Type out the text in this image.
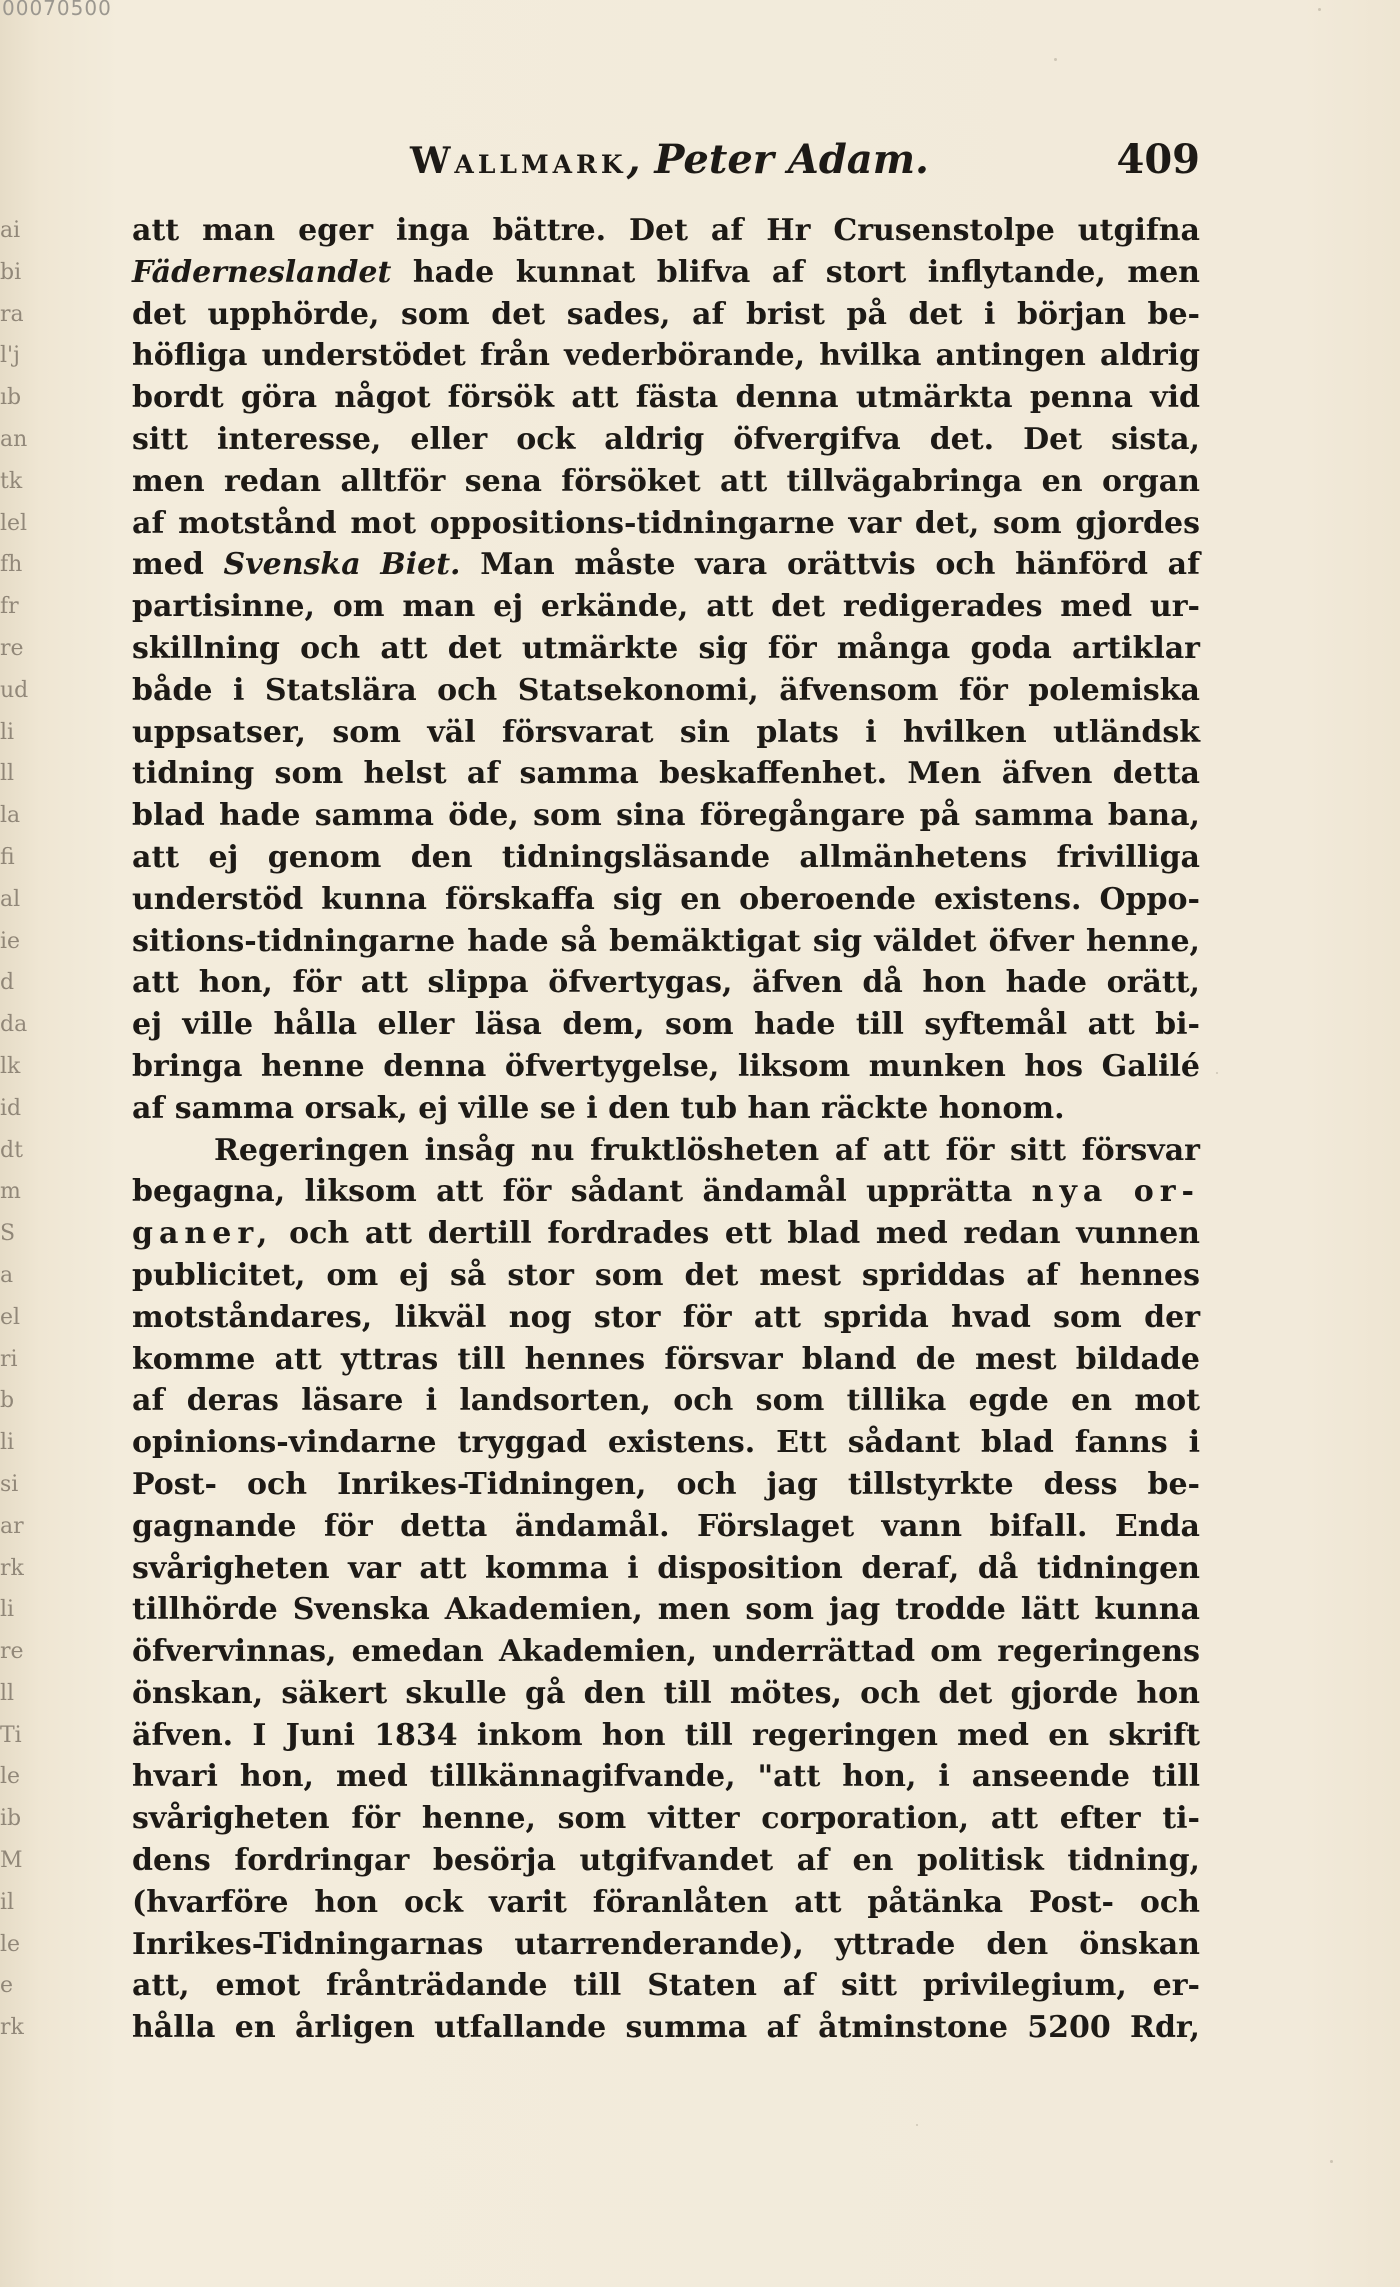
00070500
ai
bi
ra
l'j
ıb
an
tk
lel
fh
fr
re
ud
li
ll
la
fi
al
ie
d
da
lk
id
dt
m
S
a
el
ri
b
li
si
ar
rk
li
re
ll
Ti
le
ib
M
il
le
e
rk
Wallmark, Peter Adam.	409
att man eger inga bättre. Det af Hr Crusenstolpe utgifna
Fäderneslandet hade kunnat blifva af stort inflytande, men
det upphörde, som det sades, af brist på det i början be-
höfliga understödet från vederbörande, hvilka antingen aldrig
bordt göra något försök att fästa denna utmärkta penna vid
sitt interesse, eller ock aldrig öfvergifva det. Det sista,
men redan alltför sena försöket att tillvägabringa en organ
af motstånd mot oppositions-tidningarne var det, som gjordes
med Svenska Biet. Man måste vara orättvis och hänförd af
partisinne, om man ej erkände, att det redigerades med ur-
skillning och att det utmärkte sig för många goda artiklar
både i Statslära och Statsekonomi, äfvensom för polemiska
uppsatser, som väl försvarat sin plats i hvilken utländsk
tidning som helst af samma beskaffenhet. Men äfven detta
blad hade samma öde, som sina föregångare på samma bana,
att ej genom den tidningsläsande allmänhetens frivilliga
understöd kunna förskaffa sig en oberoende existens. Oppo-
sitions-tidningarne hade så bemäktigat sig väldet öfver henne,
att hon, för att slippa öfvertygas, äfven då hon hade orätt,
ej ville hålla eller läsa dem, som hade till syftemål att bi-
bringa henne denna öfvertygelse, liksom munken hos Galilé
af samma orsak, ej ville se i den tub han räckte honom.
Regeringen insåg nu fruktlösheten af att för sitt försvar
begagna, liksom att för sådant ändamål upprätta nya or-
ganer, och att dertill fordrades ett blad med redan vunnen
publicitet, om ej så stor som det mest spriddas af hennes
motståndares, likväl nog stor för att sprida hvad som der
komme att yttras till hennes försvar bland de mest bildade
af deras läsare i landsorten, och som tillika egde en mot
opinions-vindarne tryggad existens. Ett sådant blad fanns i
Post- och Inrikes-Tidningen, och jag tillstyrkte dess be-
gagnande för detta ändamål. Förslaget vann bifall. Enda
svårigheten var att komma i disposition deraf, då tidningen
tillhörde Svenska Akademien, men som jag trodde lätt kunna
öfvervinnas, emedan Akademien, underrättad om regeringens
önskan, säkert skulle gå den till mötes, och det gjorde hon
äfven. I Juni 1834 inkom hon till regeringen med en skrift
hvari hon, med tillkännagifvande, "att hon, i anseende till
svårigheten för henne, som vitter corporation, att efter ti-
dens fordringar besörja utgifvandet af en politisk tidning,
(hvarföre hon ock varit föranlåten att påtänka Post- och
Inrikes-Tidningarnas utarrenderande), yttrade den önskan
att, emot frånträdande till Staten af sitt privilegium, er-
hålla en årligen utfallande summa af åtminstone 5200 Rdr,
